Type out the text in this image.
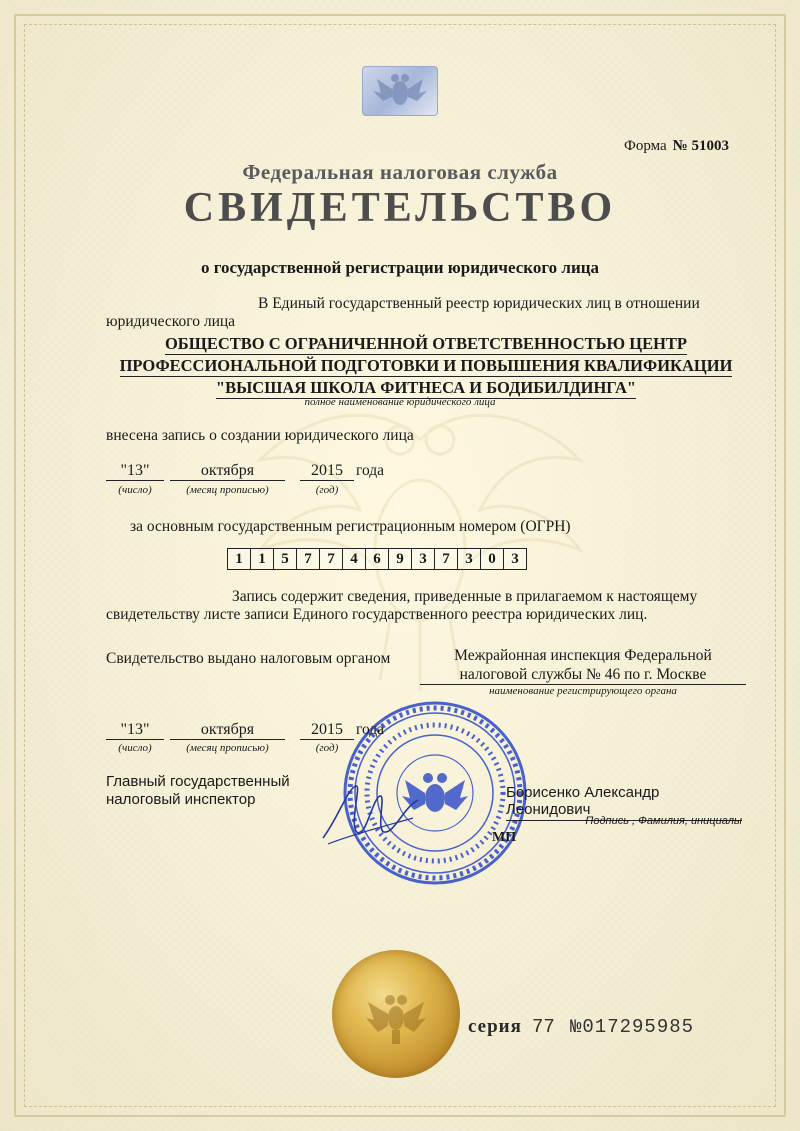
Форма № 51003
Федеральная налоговая служба
СВИДЕТЕЛЬСТВО
о государственной регистрации юридического лица
В Единый государственный реестр юридических лиц в отношении
юридического лица
ОБЩЕСТВО С ОГРАНИЧЕННОЙ ОТВЕТСТВЕННОСТЬЮ ЦЕНТР
ПРОФЕССИОНАЛЬНОЙ ПОДГОТОВКИ И ПОВЫШЕНИЯ КВАЛИФИКАЦИИ
"ВЫСШАЯ ШКОЛА ФИТНЕСА И БОДИБИЛДИНГА"
полное наименование юридического лица
внесена запись о создании юридического лица
"13"	октября	2015 года
(число)	(месяц прописью)	(год)
за основным государственным регистрационным номером (ОГРН)
1	1	5	7	7	4	6	9	3	7	3	0	3
Запись содержит сведения, приведенные в прилагаемом к настоящему
свидетельству листе записи Единого государственного реестра юридических лиц.
Свидетельство выдано налоговым органом	Межрайонная инспекция Федеральной
налоговой службы № 46 по г. Москве
наименование регистрирующего органа
"13"	октября	2015 года
(число)	(месяц прописью)	(год)
Главный государственный
налоговый инспектор	Борисенко Александр Леонидович
Подпись , Фамилия, инициалы
МП
серия 77 №017295985
